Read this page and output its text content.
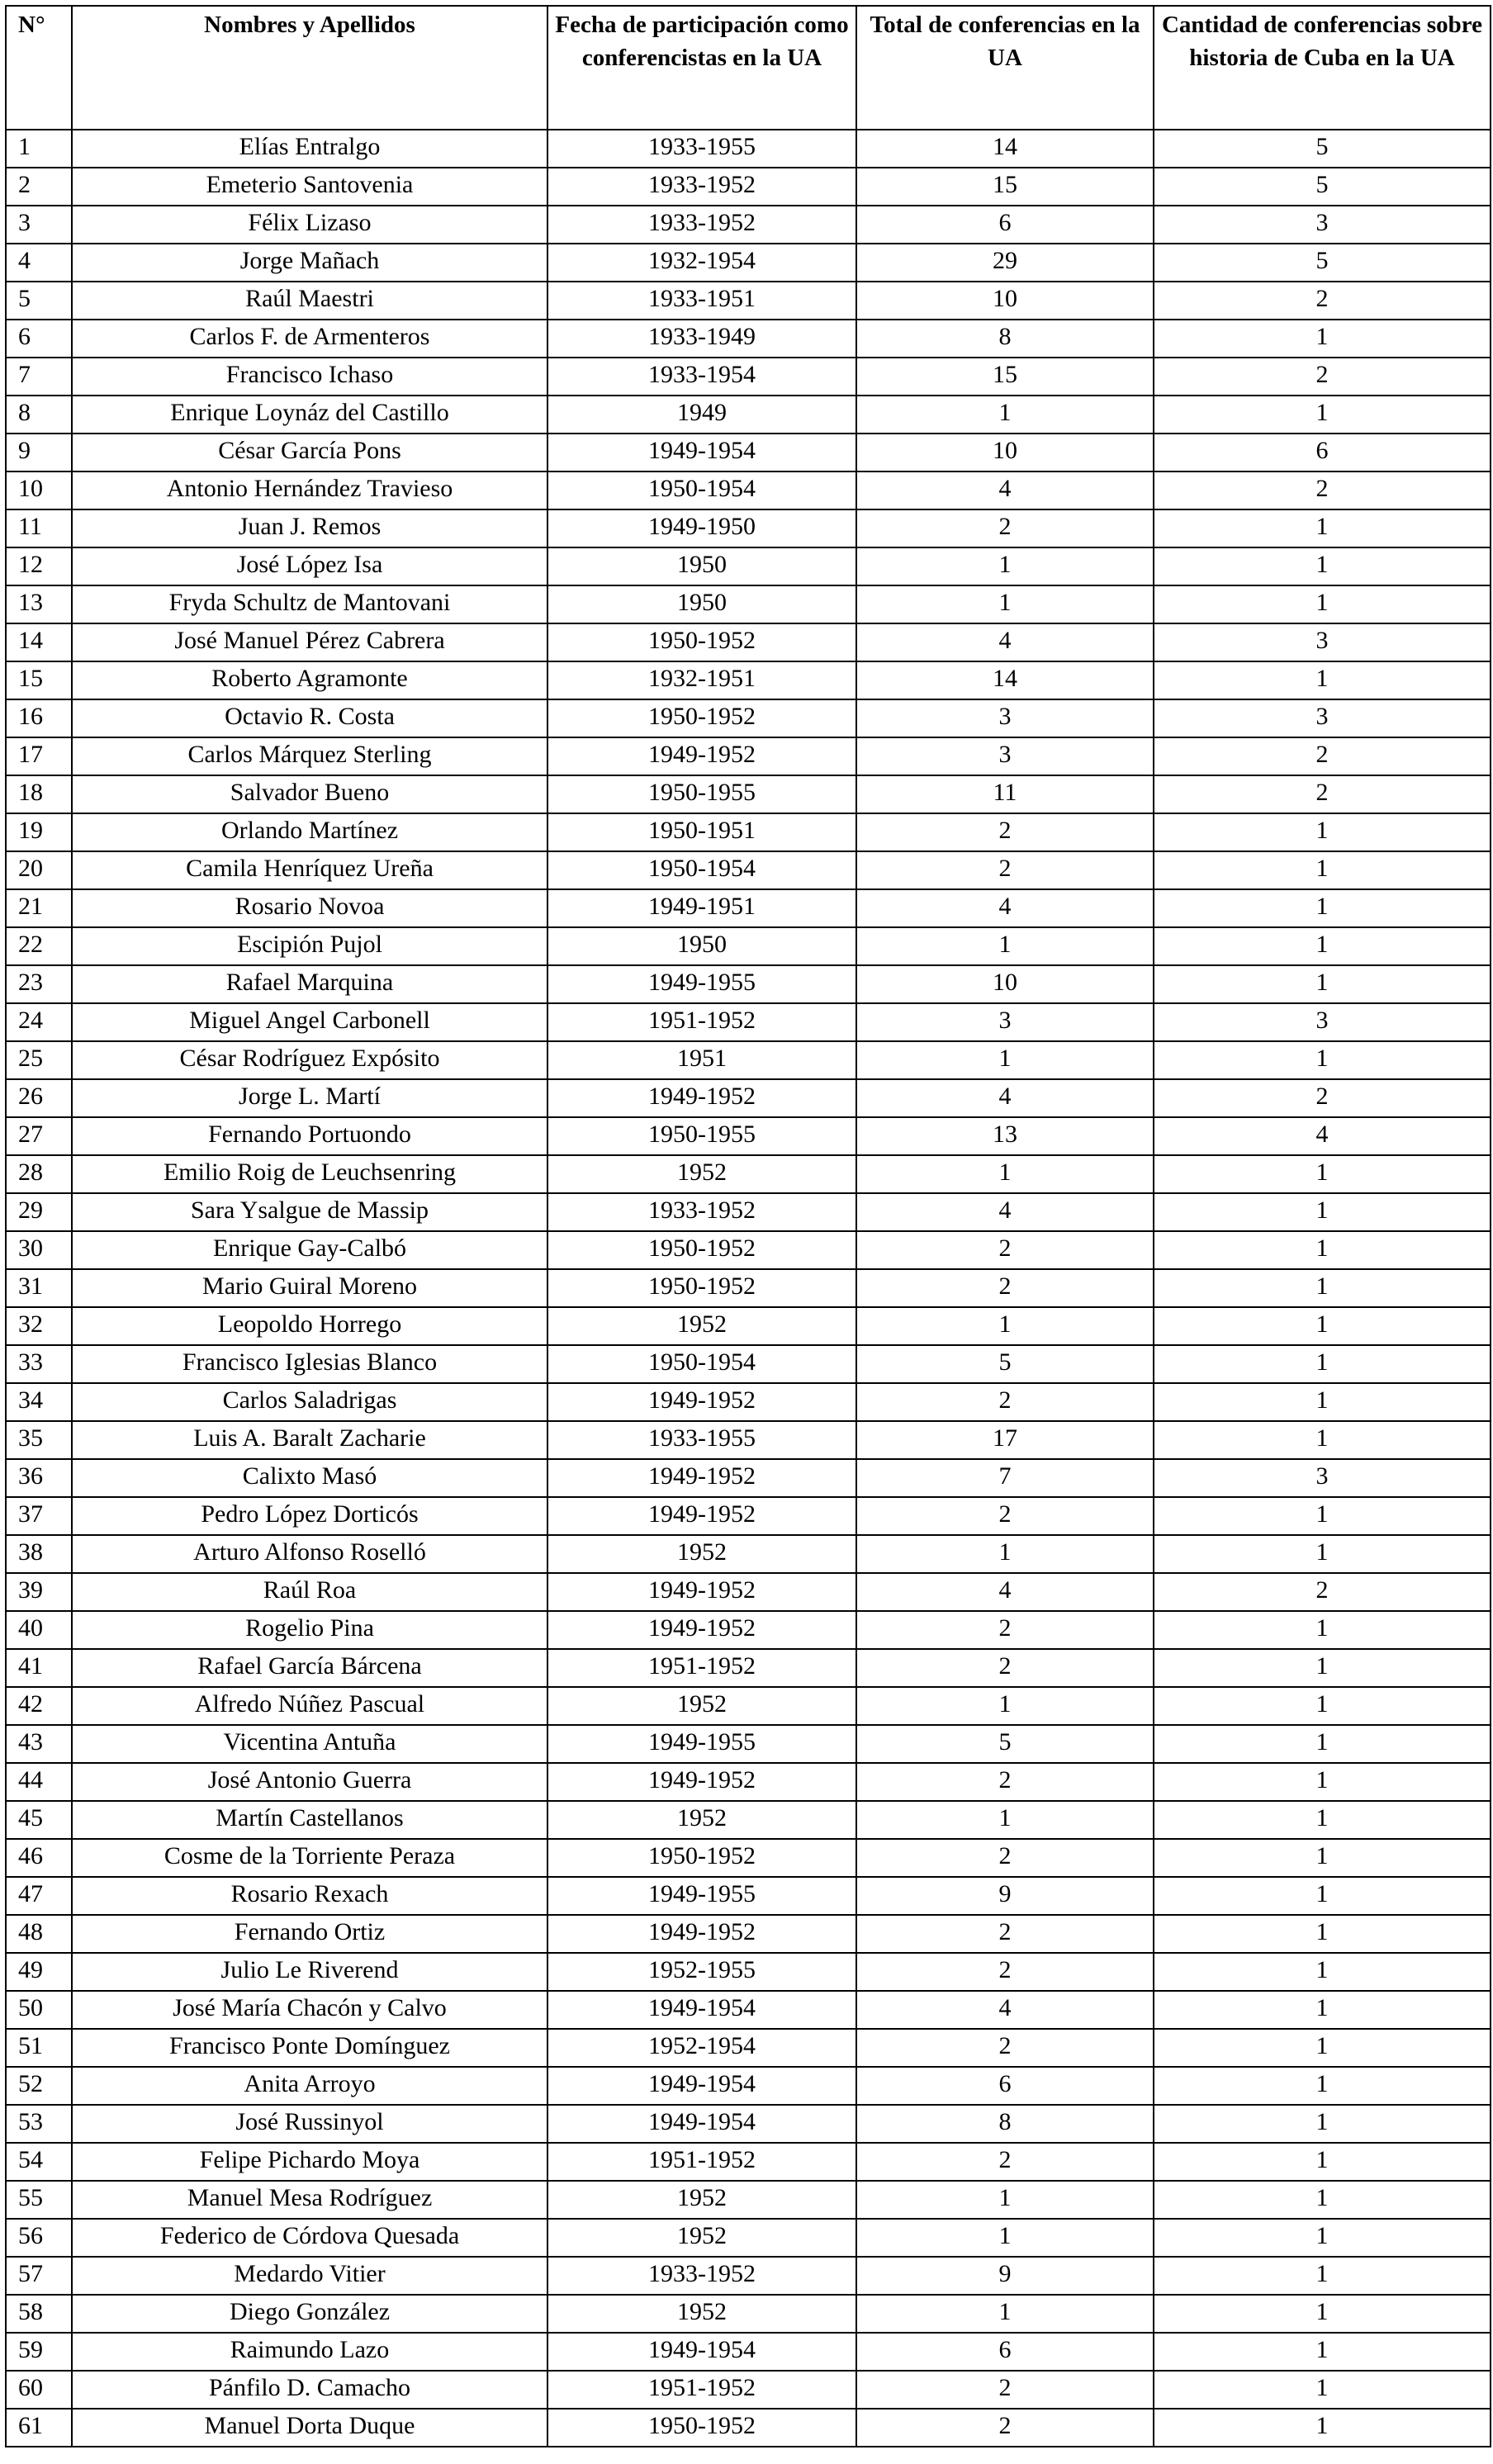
N°	Nombres y Apellidos	Fecha de participación como conferencistas en la UA	Total de conferencias en la UA	Cantidad de conferencias sobre historia de Cuba en la UA
1	Elías Entralgo	1933-1955	14	5
2	Emeterio Santovenia	1933-1952	15	5
3	Félix Lizaso	1933-1952	6	3
4	Jorge Mañach	1932-1954	29	5
5	Raúl Maestri	1933-1951	10	2
6	Carlos F. de Armenteros	1933-1949	8	1
7	Francisco Ichaso	1933-1954	15	2
8	Enrique Loynáz del Castillo	1949	1	1
9	César García Pons	1949-1954	10	6
10	Antonio Hernández Travieso	1950-1954	4	2
11	Juan J. Remos	1949-1950	2	1
12	José López Isa	1950	1	1
13	Fryda Schultz de Mantovani	1950	1	1
14	José Manuel Pérez Cabrera	1950-1952	4	3
15	Roberto Agramonte	1932-1951	14	1
16	Octavio R. Costa	1950-1952	3	3
17	Carlos Márquez Sterling	1949-1952	3	2
18	Salvador Bueno	1950-1955	11	2
19	Orlando Martínez	1950-1951	2	1
20	Camila Henríquez Ureña	1950-1954	2	1
21	Rosario Novoa	1949-1951	4	1
22	Escipión Pujol	1950	1	1
23	Rafael Marquina	1949-1955	10	1
24	Miguel Angel Carbonell	1951-1952	3	3
25	César Rodríguez Expósito	1951	1	1
26	Jorge L. Martí	1949-1952	4	2
27	Fernando Portuondo	1950-1955	13	4
28	Emilio Roig de Leuchsenring	1952	1	1
29	Sara Ysalgue de Massip	1933-1952	4	1
30	Enrique Gay-Calbó	1950-1952	2	1
31	Mario Guiral Moreno	1950-1952	2	1
32	Leopoldo Horrego	1952	1	1
33	Francisco Iglesias Blanco	1950-1954	5	1
34	Carlos Saladrigas	1949-1952	2	1
35	Luis A. Baralt Zacharie	1933-1955	17	1
36	Calixto Masó	1949-1952	7	3
37	Pedro López Dorticós	1949-1952	2	1
38	Arturo Alfonso Roselló	1952	1	1
39	Raúl Roa	1949-1952	4	2
40	Rogelio Pina	1949-1952	2	1
41	Rafael García Bárcena	1951-1952	2	1
42	Alfredo Núñez Pascual	1952	1	1
43	Vicentina Antuña	1949-1955	5	1
44	José Antonio Guerra	1949-1952	2	1
45	Martín Castellanos	1952	1	1
46	Cosme de la Torriente Peraza	1950-1952	2	1
47	Rosario Rexach	1949-1955	9	1
48	Fernando Ortiz	1949-1952	2	1
49	Julio Le Riverend	1952-1955	2	1
50	José María Chacón y Calvo	1949-1954	4	1
51	Francisco Ponte Domínguez	1952-1954	2	1
52	Anita Arroyo	1949-1954	6	1
53	José Russinyol	1949-1954	8	1
54	Felipe Pichardo Moya	1951-1952	2	1
55	Manuel Mesa Rodríguez	1952	1	1
56	Federico de Córdova Quesada	1952	1	1
57	Medardo Vitier	1933-1952	9	1
58	Diego González	1952	1	1
59	Raimundo Lazo	1949-1954	6	1
60	Pánfilo D. Camacho	1951-1952	2	1
61	Manuel Dorta Duque	1950-1952	2	1
